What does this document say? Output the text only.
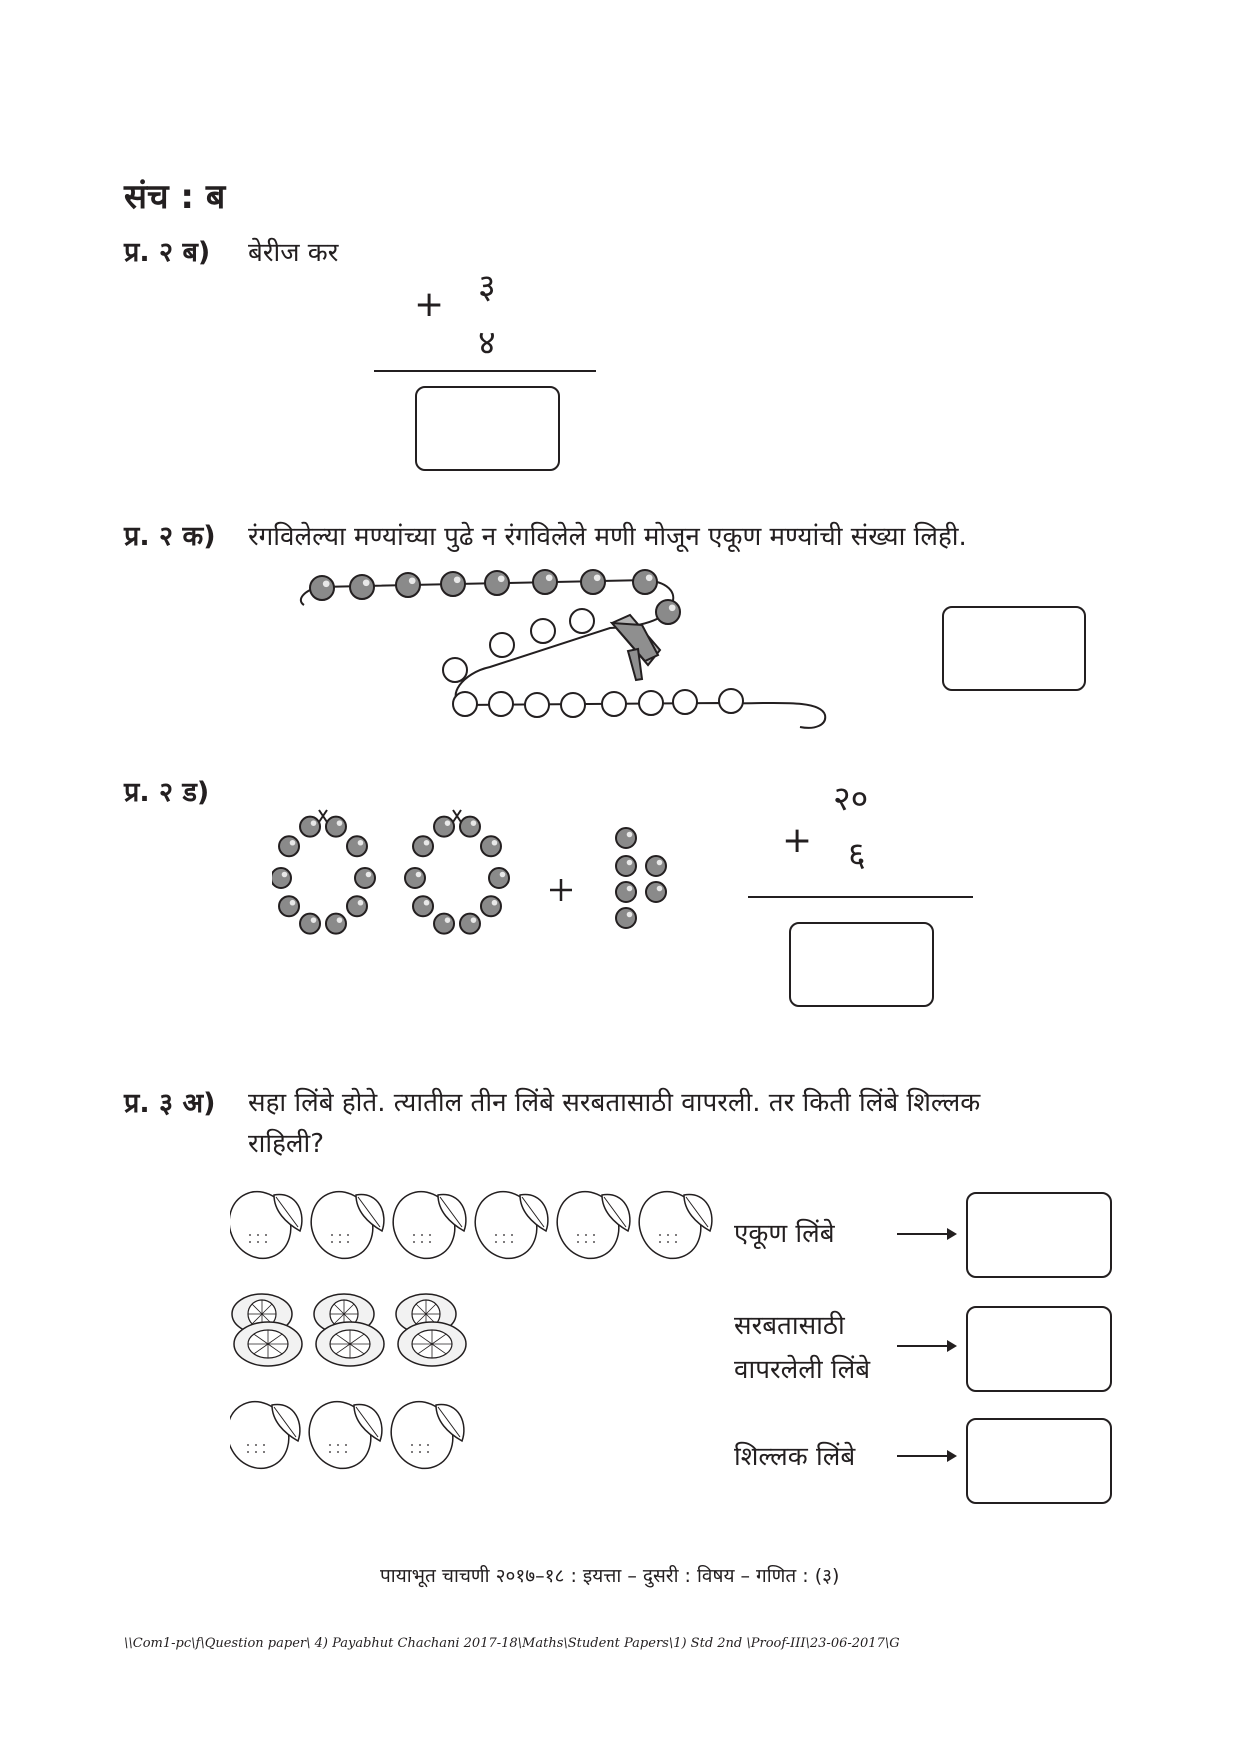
संच : ब
प्र. २ ब) बेरीज कर
३
+
४
प्र. २ क) रंगविलेल्या मण्यांच्या पुढे न रंगविलेले मणी मोजून एकूण मण्यांची संख्या लिही.
प्र. २ ड)	२०
+ ६
प्र. ३ अ) सहा लिंबे होते. त्यातील तीन लिंबे सरबतासाठी वापरली. तर किती लिंबे शिल्लक
राहिली?
एकूण लिंबे
सरबतासाठी
वापरलेली लिंबे
शिल्लक लिंबे
पायाभूत चाचणी २०१७–१८ : इयत्ता – दुसरी : विषय – गणित : (३)
\\Com1-pc\f\Question paper\ 4) Payabhut Chachani 2017-18\Maths\Student Papers\1) Std 2nd \Proof-III\23-06-2017\G
